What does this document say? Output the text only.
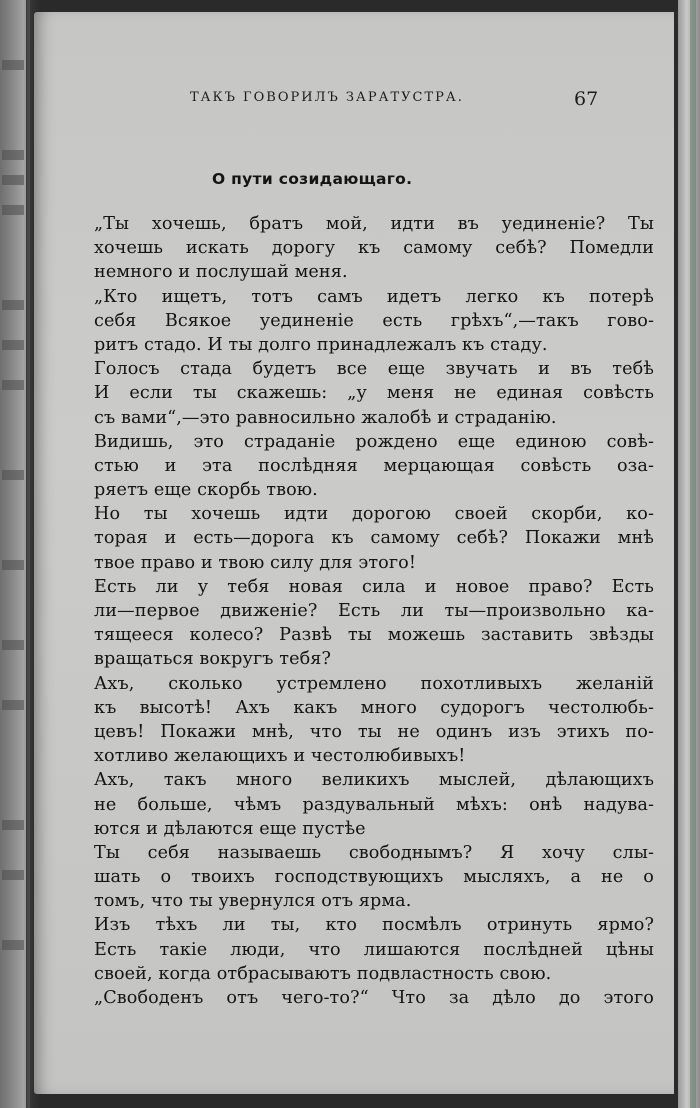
ТАКЪ ГОВОРИЛЪ ЗАРАТУСТРА.	67
О пути созидающаго.
„Ты хочешь, братъ мой, идти въ уединеніе? Ты
хочешь искать дорогу къ самому себѣ? Помедли
немного и послушай меня.
„Кто ищетъ, тотъ самъ идетъ легко къ потерѣ
себя Всякое уединеніе есть грѣхъ“,—такъ гово-
ритъ стадо. И ты долго принадлежалъ къ стаду.
Голосъ стада будетъ все еще звучать и въ тебѣ
И если ты скажешь: „у меня не единая совѣсть
съ вами“,—это равносильно жалобѣ и страданію.
Видишь, это страданіе рождено еще единою совѣ-
стью и эта послѣдняя мерцающая совѣсть оза-
ряетъ еще скорбь твою.
Но ты хочешь идти дорогою своей скорби, ко-
торая и есть—дорога къ самому себѣ? Покажи мнѣ
твое право и твою силу для этого!
Есть ли у тебя новая сила и новое право? Есть
ли—первое движеніе? Есть ли ты—произвольно ка-
тящееся колесо? Развѣ ты можешь заставить звѣзды
вращаться вокругъ тебя?
Ахъ, сколько устремлено похотливыхъ желаній
къ высотѣ! Ахъ какъ много судорогъ честолюбь-
цевъ! Покажи мнѣ, что ты не одинъ изъ этихъ по-
хотливо желающихъ и честолюбивыхъ!
Ахъ, такъ много великихъ мыслей, дѣлающихъ
не больше, чѣмъ раздувальный мѣхъ: онѣ надува-
ются и дѣлаются еще пустѣе
Ты себя называешь свободнымъ? Я хочу слы-
шать о твоихъ господствующихъ мысляхъ, а не о
томъ, что ты увернулся отъ ярма.
Изъ тѣхъ ли ты, кто посмѣлъ отринуть ярмо?
Есть такіе люди, что лишаются послѣдней цѣны
своей, когда отбрасываютъ подвластность свою.
„Свободенъ отъ чего-то?“ Что за дѣло до этого
